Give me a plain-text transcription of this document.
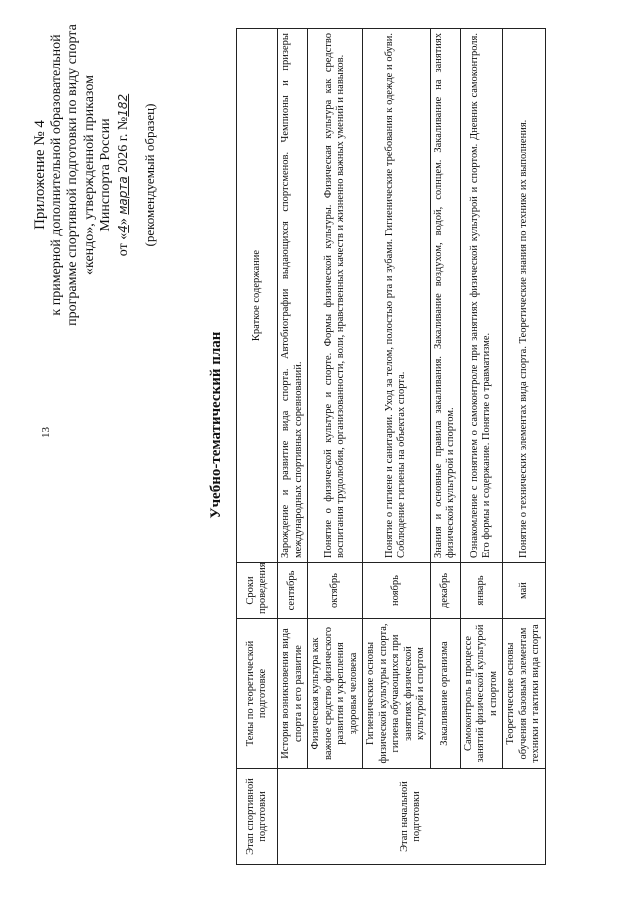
13
Приложение № 4 к примерной дополнительной образовательной программе спортивной подготовки по виду спорта «кендо», утвержденной приказом Минспорта России
от «4» марта 2026 г. №182 (рекомендуемый образец)
Учебно-тематический план
Этап спортивной подготовки	Темы по теоретической подготовке	Сроки проведения	Краткое содержание
Этап начальной подготовки	История возникновения вида спорта и его развитие	сентябрь	Зарождение и развитие вида спорта. Автобиографии выдающихся спортсменов. Чемпионы и призеры международных спортивных соревнований.
	Физическая культура как важное средство физического развития и укрепления здоровья человека	октябрь	Понятие о физической культуре и спорте. Формы физической культуры. Физическая культура как средство воспитания трудолюбия, организованности, воли, нравственных качеств и жизненно важных умений и навыков.
	Гигиенические основы физической культуры и спорта, гигиена обучающихся при занятиях физической культурой и спортом	ноябрь	Понятие о гигиене и санитарии. Уход за телом, полостью рта и зубами. Гигиенические требования к одежде и обуви. Соблюдение гигиены на объектах спорта.
	Закаливание организма	декабрь	Знания и основные правила закаливания. Закаливание воздухом, водой, солнцем. Закаливание на занятиях физической культурой и спортом.
	Самоконтроль в процессе занятий физической культурой и спортом	январь	Ознакомление с понятием о самоконтроле при занятиях физической культурой и спортом. Дневник самоконтроля. Его формы и содержание. Понятие о травматизме.
	Теоретические основы обучения базовым элементам техники и тактики вида спорта	май	Понятие о технических элементах вида спорта. Теоретические знания по технике их выполнения.
